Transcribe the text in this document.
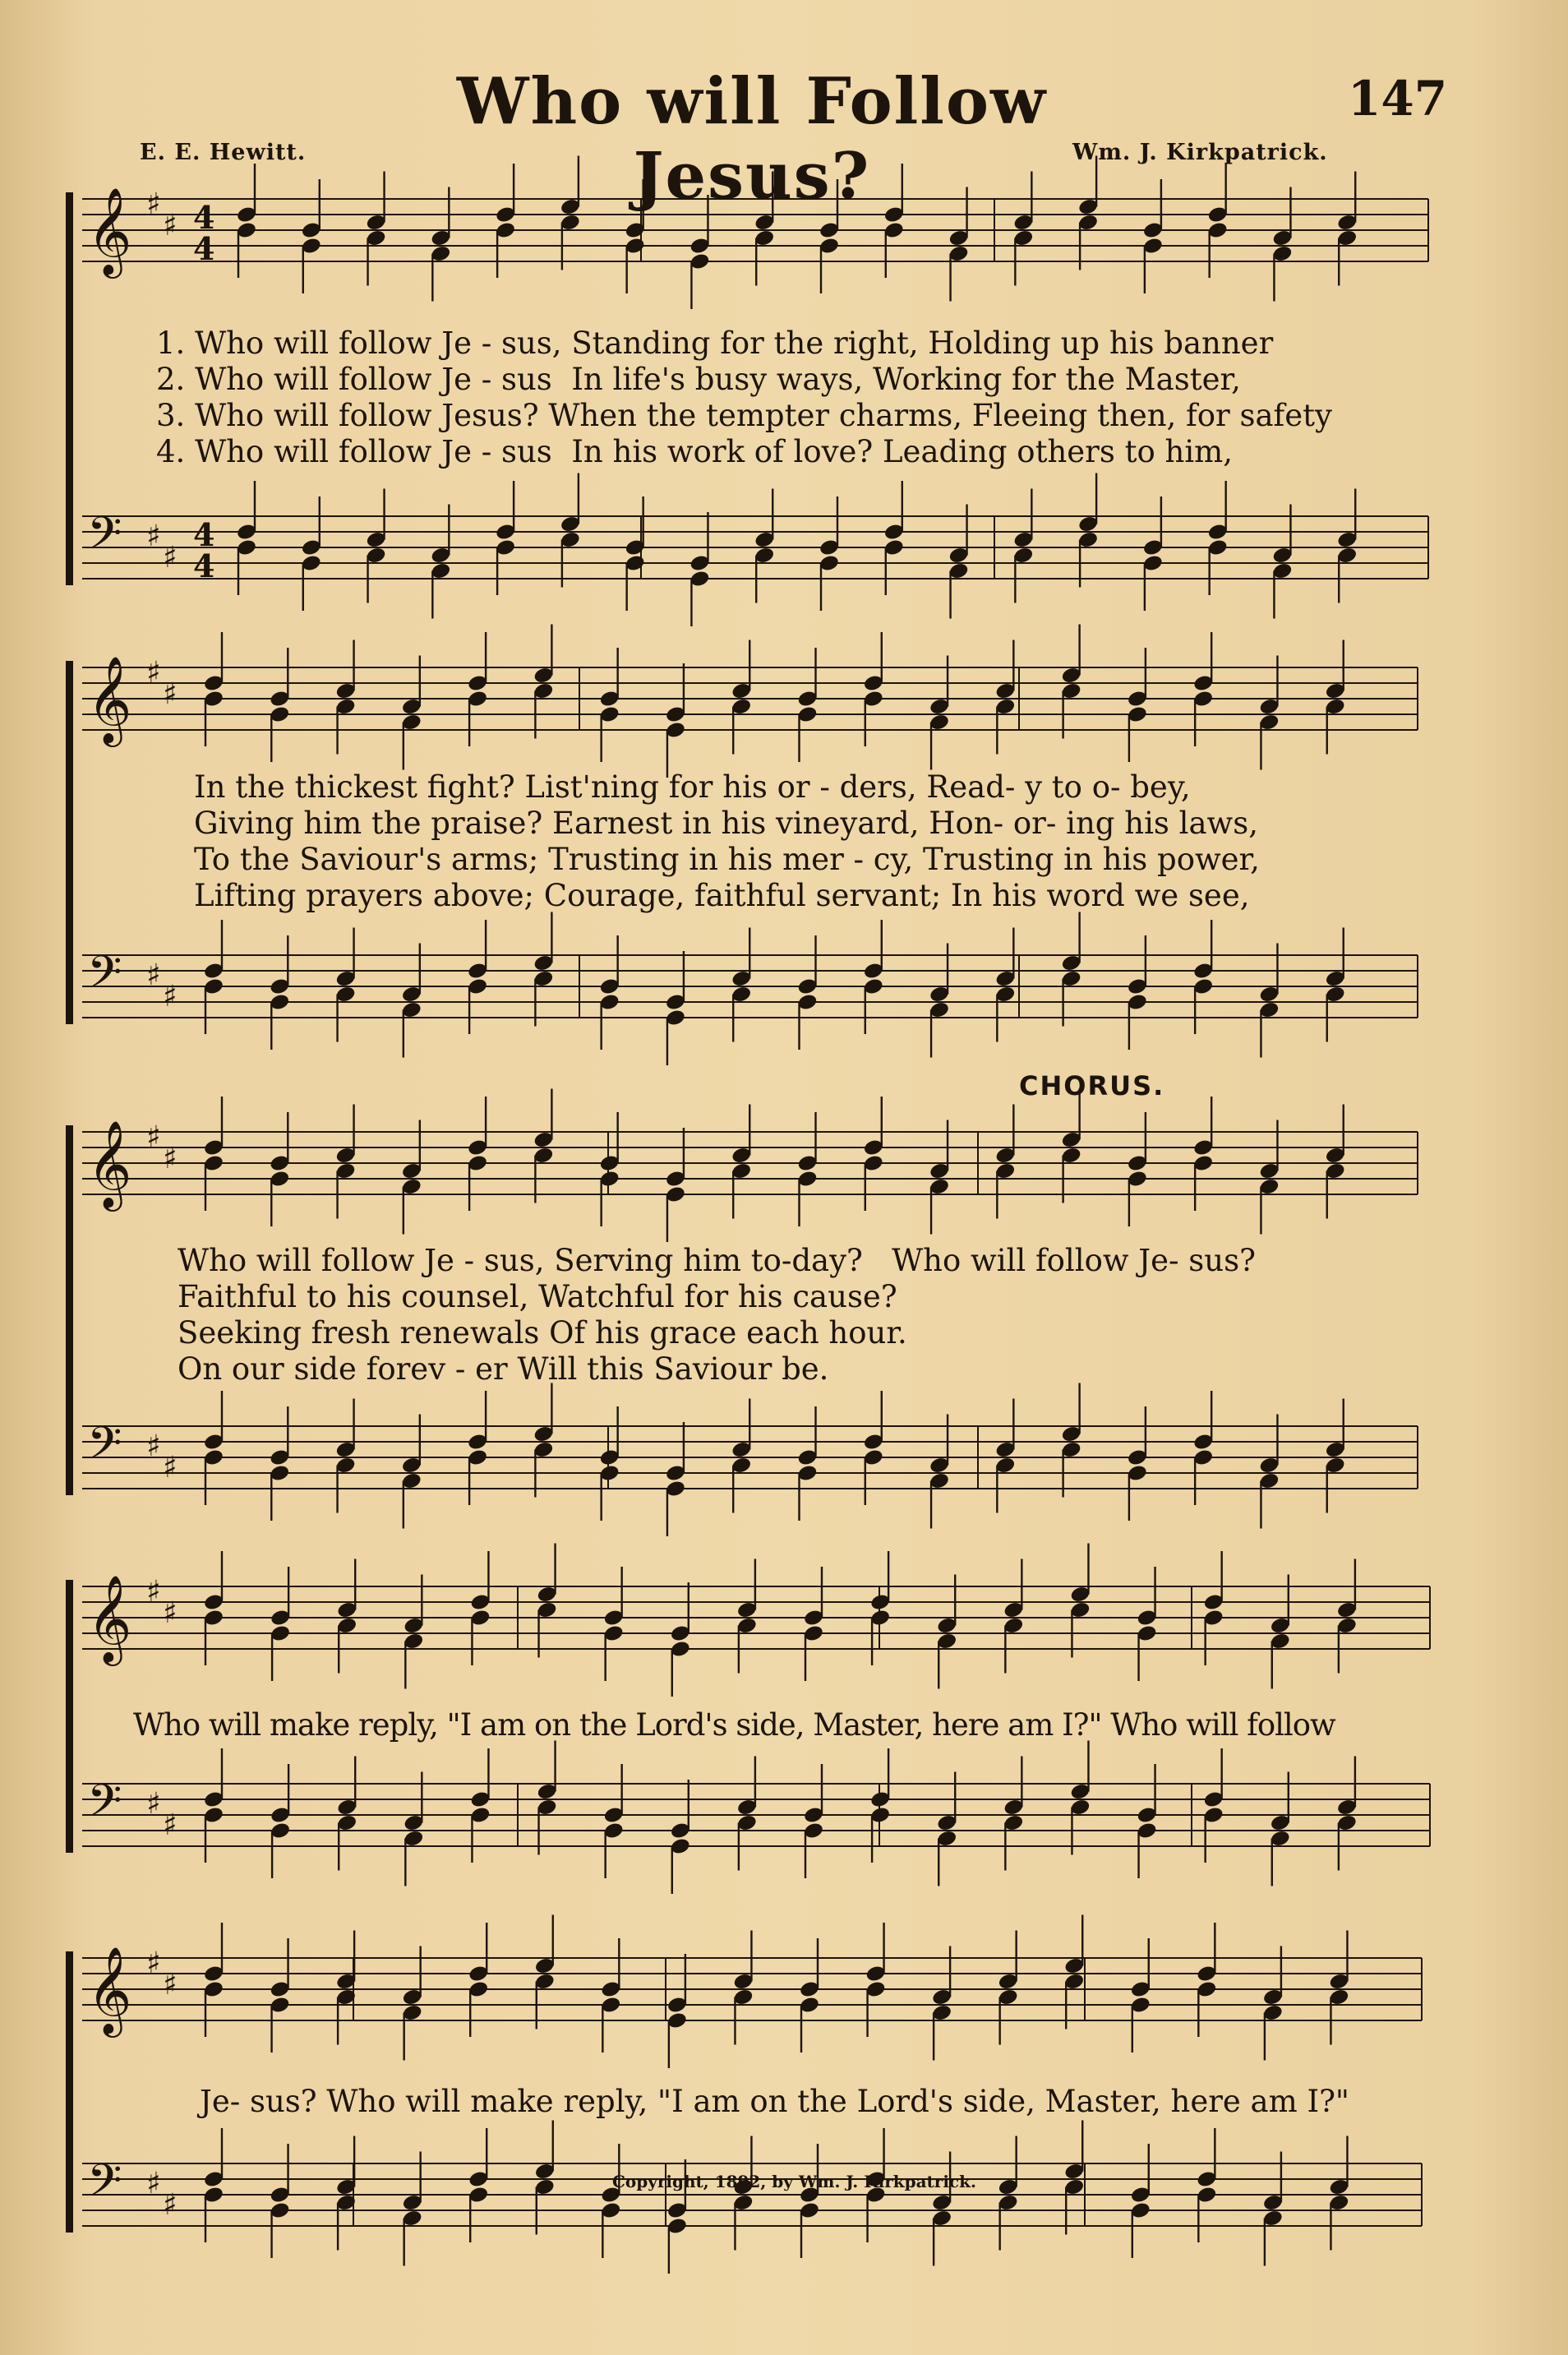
Who will Follow Jesus?
147
E. E. Hewitt.	Wm. J. Kirkpatrick.
𝄞 ♯
♯ 4
4
𝄢 ♯
♯
4
4
𝄞 ♯
♯
𝄢 ♯
♯
𝄞 ♯
♯
𝄢 ♯
♯
𝄞 ♯
♯
𝄢 ♯
♯
𝄞 ♯
♯
𝄢 ♯
♯
1. Who will follow Je - sus, Standing for the right, Holding up his banner
2. Who will follow Je - sus  In life's busy ways, Working for the Master,
3. Who will follow Jesus? When the tempter charms, Fleeing then, for safety
4. Who will follow Je - sus  In his work of love? Leading others to him,
In the thickest fight? List'ning for his or - ders, Read- y to o- bey,
Giving him the praise? Earnest in his vineyard, Hon- or- ing his laws,
To the Saviour's arms; Trusting in his mer - cy, Trusting in his power,
Lifting prayers above; Courage, faithful servant; In his word we see,
CHORUS.
Who will follow Je - sus, Serving him to-day?   Who will follow Je- sus?
Faithful to his counsel, Watchful for his cause?
Seeking fresh renewals Of his grace each hour.
On our side forev - er Will this Saviour be.
Who will make reply, "I am on the Lord's side, Master, here am I?" Who will follow
Je- sus? Who will make reply, "I am on the Lord's side, Master, here am I?"
Copyright, 1892, by Wm. J. Kirkpatrick.
